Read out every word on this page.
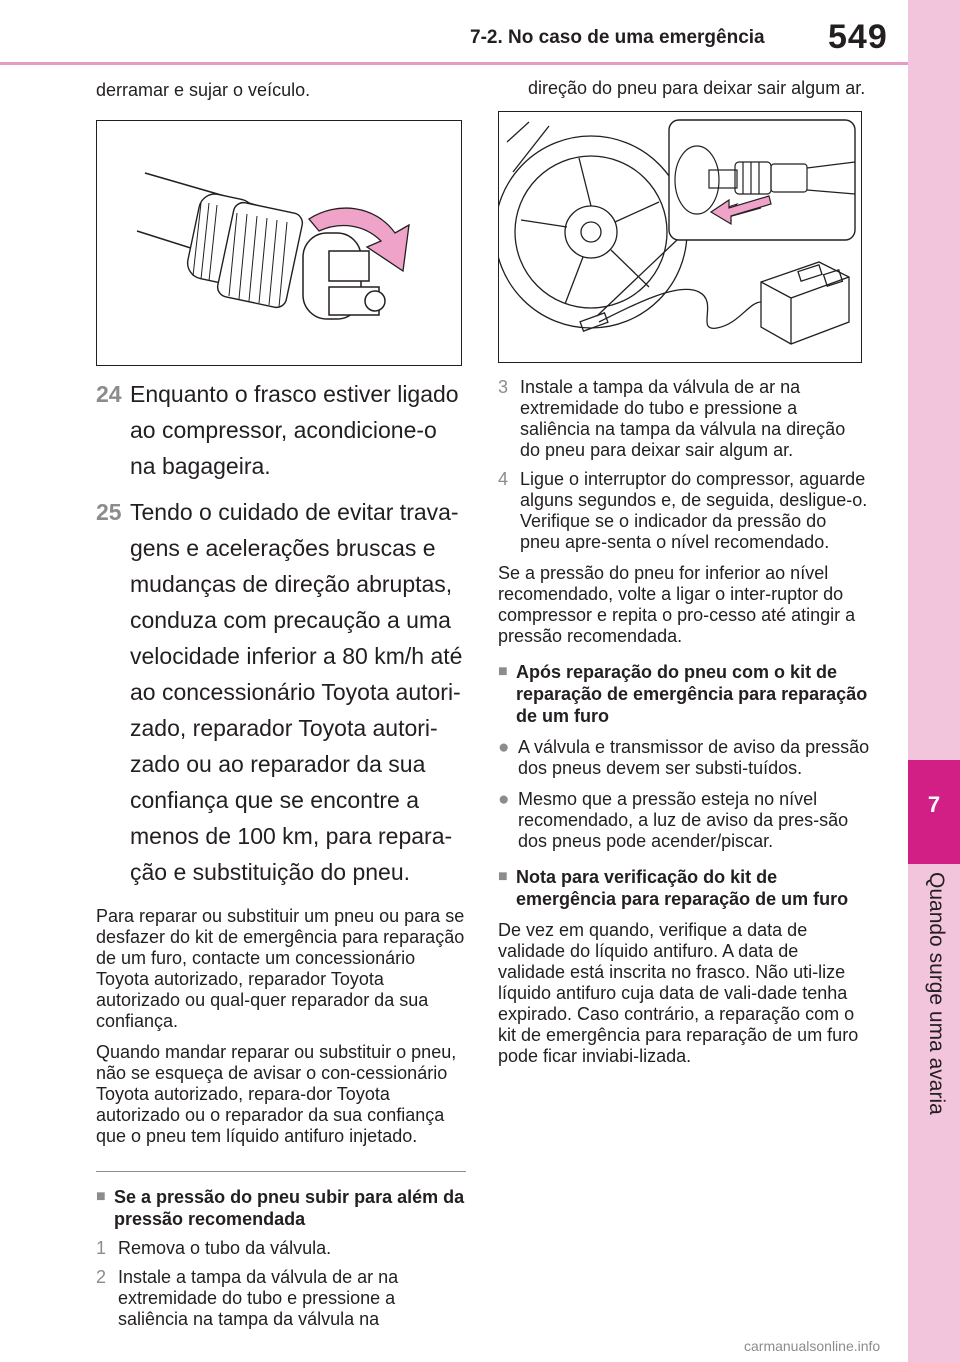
7-2. No caso de uma emergência 549
7
Quando surge uma avaria

derramar e sujar o veículo.

24 Enquanto o frasco estiver ligado ao compressor, acondicione-o na bagageira.
25 Tendo o cuidado de evitar trava-gens e acelerações bruscas e mudanças de direção abruptas, conduza com precaução a uma velocidade inferior a 80 km/h até ao concessionário Toyota autori-zado, reparador Toyota autori-zado ou ao reparador da sua confiança que se encontre a menos de 100 km, para repara-ção e substituição do pneu.

Para reparar ou substituir um pneu ou para se desfazer do kit de emergência para reparação de um furo, contacte um concessionário Toyota autorizado, reparador Toyota autorizado ou qual-quer reparador da sua confiança.

Quando mandar reparar ou substituir o pneu, não se esqueça de avisar o con-cessionário Toyota autorizado, repara-dor Toyota autorizado ou o reparador da sua confiança que o pneu tem líquido antifuro injetado.

■ Se a pressão do pneu subir para além da pressão recomendada
1 Remova o tubo da válvula.
2 Instale a tampa da válvula de ar na extremidade do tubo e pressione a saliência na tampa da válvula na

direção do pneu para deixar sair algum ar.

3 Instale a tampa da válvula de ar na extremidade do tubo e pressione a saliência na tampa da válvula na direção do pneu para deixar sair algum ar.
4 Ligue o interruptor do compressor, aguarde alguns segundos e, de seguida, desligue-o. Verifique se o indicador da pressão do pneu apre-senta o nível recomendado.

Se a pressão do pneu for inferior ao nível recomendado, volte a ligar o inter-ruptor do compressor e repita o pro-cesso até atingir a pressão recomendada.

■ Após reparação do pneu com o kit de reparação de emergência para reparação de um furo
● A válvula e transmissor de aviso da pressão dos pneus devem ser substi-tuídos.
● Mesmo que a pressão esteja no nível recomendado, a luz de aviso da pres-são dos pneus pode acender/piscar.
■ Nota para verificação do kit de emergência para reparação de um furo

De vez em quando, verifique a data de validade do líquido antifuro. A data de validade está inscrita no frasco. Não uti-lize líquido antifuro cuja data de vali-dade tenha expirado. Caso contrário, a reparação com o kit de emergência para reparação de um furo pode ficar inviabi-lizada.

carmanualsonline.info
